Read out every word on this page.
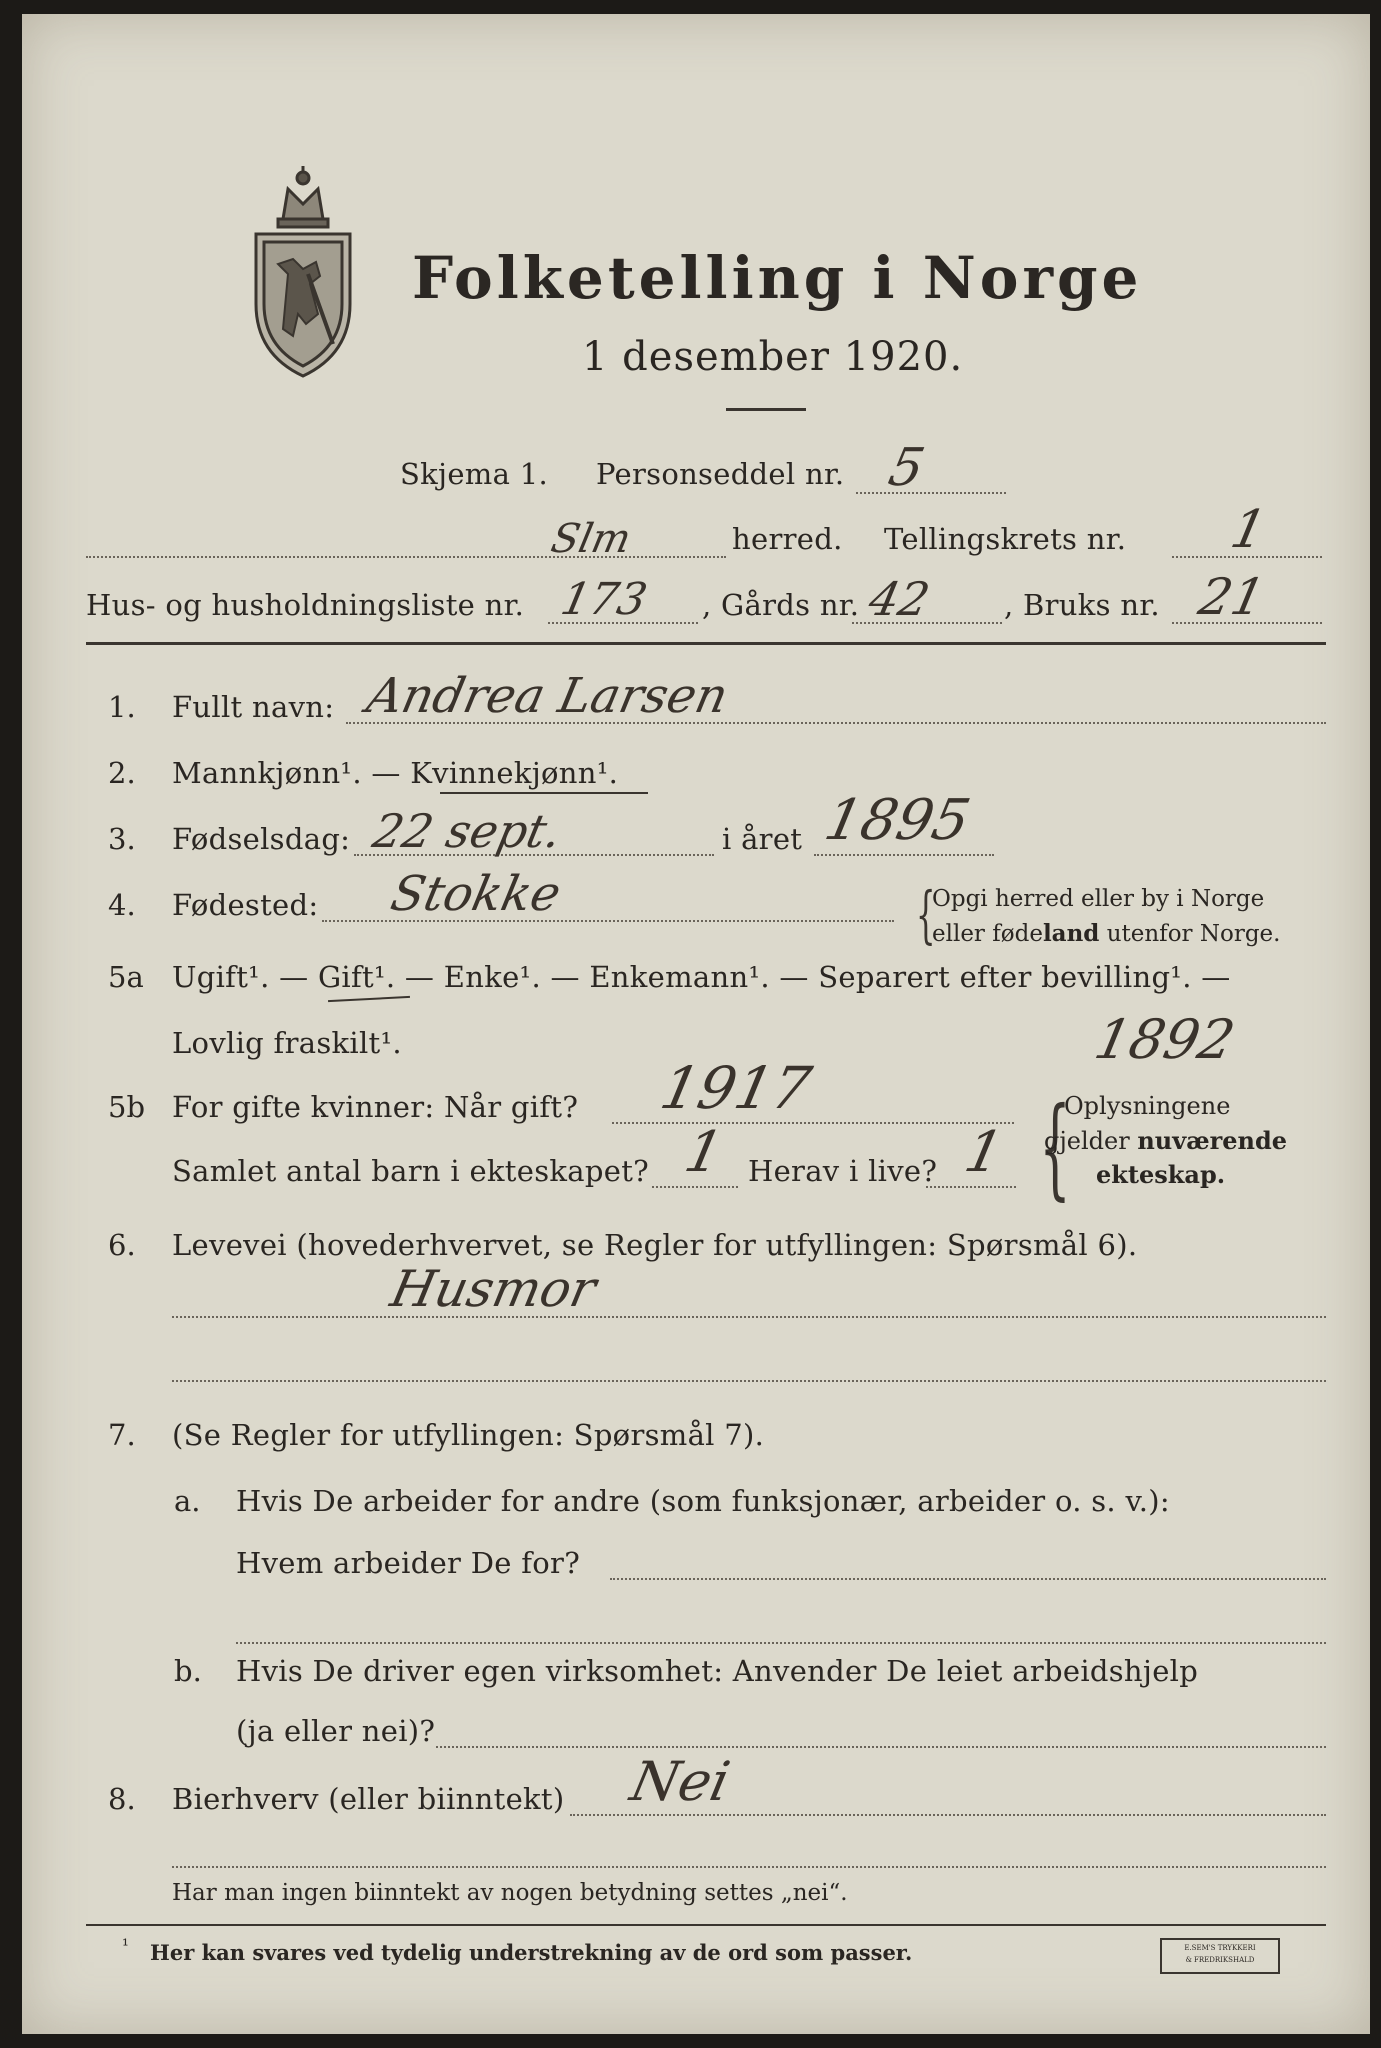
Folketelling i Norge
1 desember 1920.
Skjema 1. Personseddel nr. 5
Slm	herred. Tellingskrets nr. 1
Hus- og husholdningsliste nr. 173 , Gårds nr. 42 , Bruks nr. 21
1. Fullt navn: Andrea Larsen
2. Mannkjønn¹. — Kvinnekjønn¹.
3. Fødselsdag: 22 sept.	i året 1895
4. Fødested: Stokke	{
Opgi herred eller by i Norge
eller fødeland utenfor Norge.
5a Ugift¹. — Gift¹. — Enke¹. — Enkemann¹. — Separert efter bevilling¹. —
Lovlig fraskilt¹.	1892
5b For gifte kvinner: Når gift? 1917
Samlet antal barn i ekteskapet? 1 Herav i live? 1 {
Oplysningene
gjelder nuværende
ekteskap.
6. Levevei (hovederhvervet, se Regler for utfyllingen: Spørsmål 6).
Husmor
7. (Se Regler for utfyllingen: Spørsmål 7).
a. Hvis De arbeider for andre (som funksjonær, arbeider o. s. v.):
Hvem arbeider De for?
b. Hvis De driver egen virksomhet: Anvender De leiet arbeidshjelp
(ja eller nei)?
8. Bierhverv (eller biinntekt) Nei
Har man ingen biinntekt av nogen betydning settes „nei“.
¹ Her kan svares ved tydelig understrekning av de ord som passer.	E.SEM'S TRYKKERI
& FREDRIKSHALD
